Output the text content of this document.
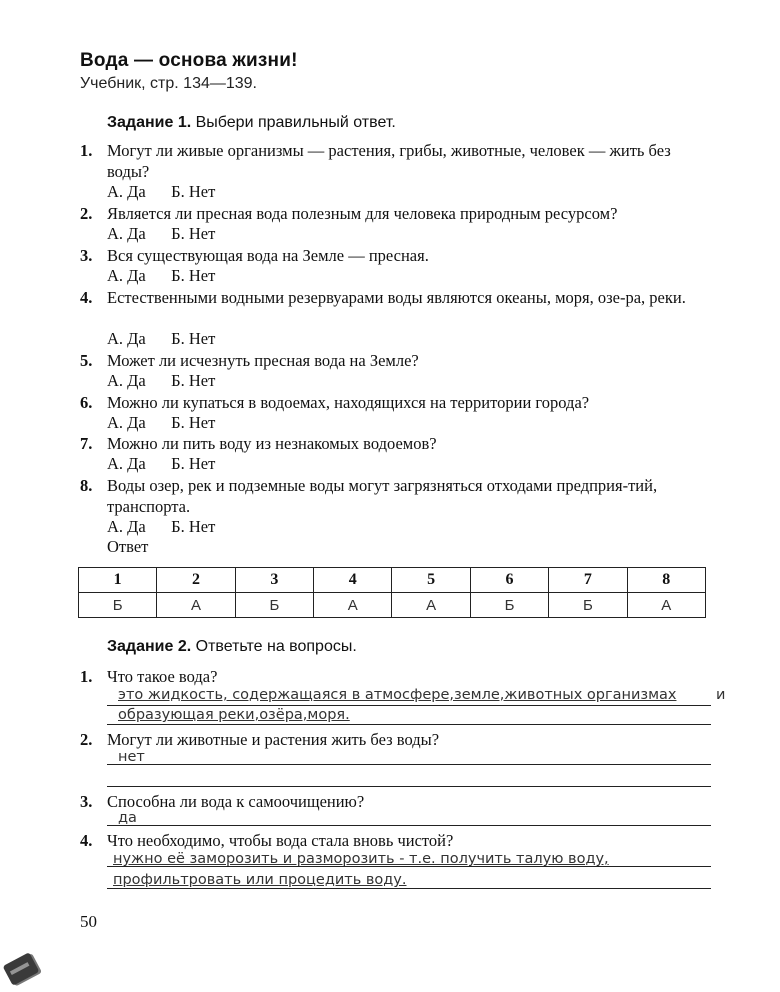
Вода — основа жизни!
Учебник, стр. 134—139.
Задание 1. Выбери правильный ответ.
1. Могут ли живые организмы — растения, грибы, животные, человек — жить без воды?
А. Да Б. Нет
2. Является ли пресная вода полезным для человека природным ресурсом?
А. Да Б. Нет
3. Вся существующая вода на Земле — пресная.
А. Да Б. Нет
4. Естественными водными резервуарами воды являются океаны, моря, озе-ра, реки.
А. Да Б. Нет
5. Может ли исчезнуть пресная вода на Земле?
А. Да Б. Нет
6. Можно ли купаться в водоемах, находящихся на территории города?
А. Да Б. Нет
7. Можно ли пить воду из незнакомых водоемов?
А. Да Б. Нет
8. Воды озер, рек и подземные воды могут загрязняться отходами предприя-тий, транспорта.
А. Да Б. Нет
Ответ
1	2	3	4	5	6	7	8
Б	А	Б	А	А	Б	Б	А
Задание 2. Ответьте на вопросы.
1. Что такое вода?
это жидкость, содержащаяся в атмосфере,земле,животных организмах	и
образующая реки,озёра,моря.
2. Могут ли животные и растения жить без воды?
нет
3. Способна ли вода к самоочищению?
да
4. Что необходимо, чтобы вода стала вновь чистой?
нужно её заморозить и разморозить - т.е. получить талую воду,
профильтровать или процедить воду.
50
